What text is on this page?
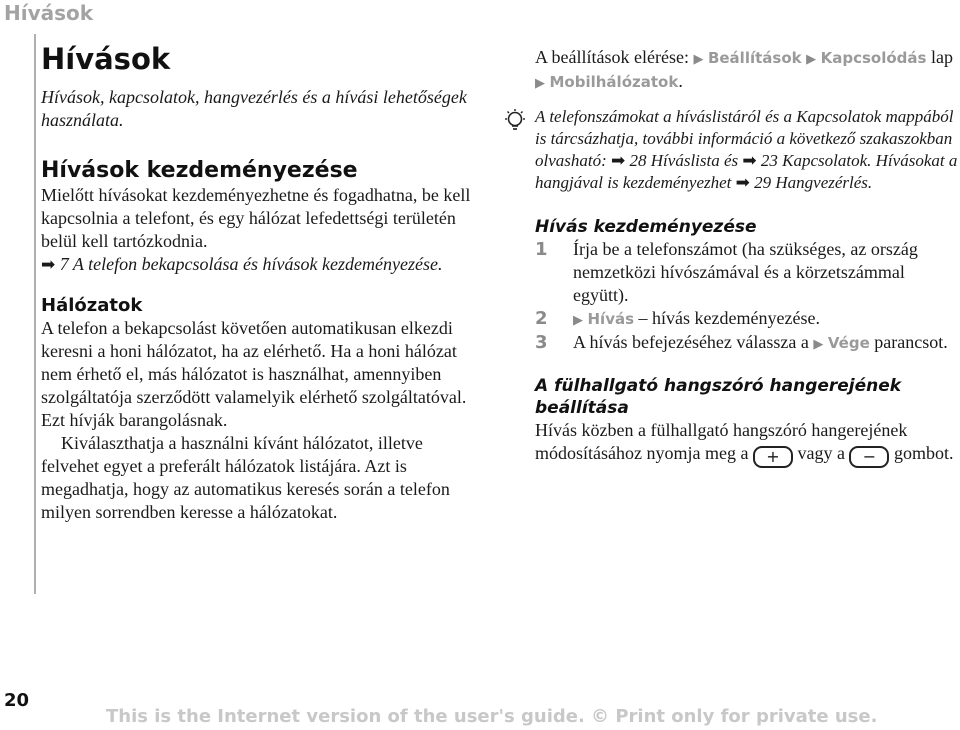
Hívások
Hívások

Hívások, kapcsolatok, hangvezérlés és a hívási lehetőségek használata.

Hívások kezdeményezése

Mielőtt hívásokat kezdeményezhetne és fogadhatna, be kell kapcsolnia a telefont, és egy hálózat lefedettségi területén belül kell tartózkodnia.

➡ 7 A telefon bekapcsolása és hívások kezdeményezése.

Hálózatok

A telefon a bekapcsolást követően automatikusan elkezdi keresni a honi hálózatot, ha az elérhető. Ha a honi hálózat nem érhető el, más hálózatot is használhat, amennyiben szolgáltatója szerződött valamelyik elérhető szolgáltatóval. Ezt hívják barangolásnak.

Kiválaszthatja a használni kívánt hálózatot, illetve felvehet egyet a preferált hálózatok listájára. Azt is megadhatja, hogy az automatikus keresés során a telefon milyen sorrendben keresse a hálózatokat.

A beállítások elérése: ▶ Beállítások ▶ Kapcsolódás lap ▶ Mobilhálózatok.

A telefonszámokat a híváslistáról és a Kapcsolatok mappából is tárcsázhatja, további információ a következő szakaszokban olvasható: ➡ 28 Híváslista és ➡ 23 Kapcsolatok. Hívásokat a hangjával is kezdeményezhet ➡ 29 Hangvezérlés.

Hívás kezdeményezése
1 Írja be a telefonszámot (ha szükséges, az ország nemzetközi hívószámával és a körzetszámmal együtt).
2 ▶ Hívás – hívás kezdeményezése.
3 A hívás befejezéséhez válassza a ▶ Vége parancsot.
A fülhallgató hangszóró hangerejének beállítása

Hívás közben a fülhallgató hangszóró hangerejének módosításához nyomja meg a + vagy a − gombot.

20
This is the Internet version of the user's guide. © Print only for private use.
